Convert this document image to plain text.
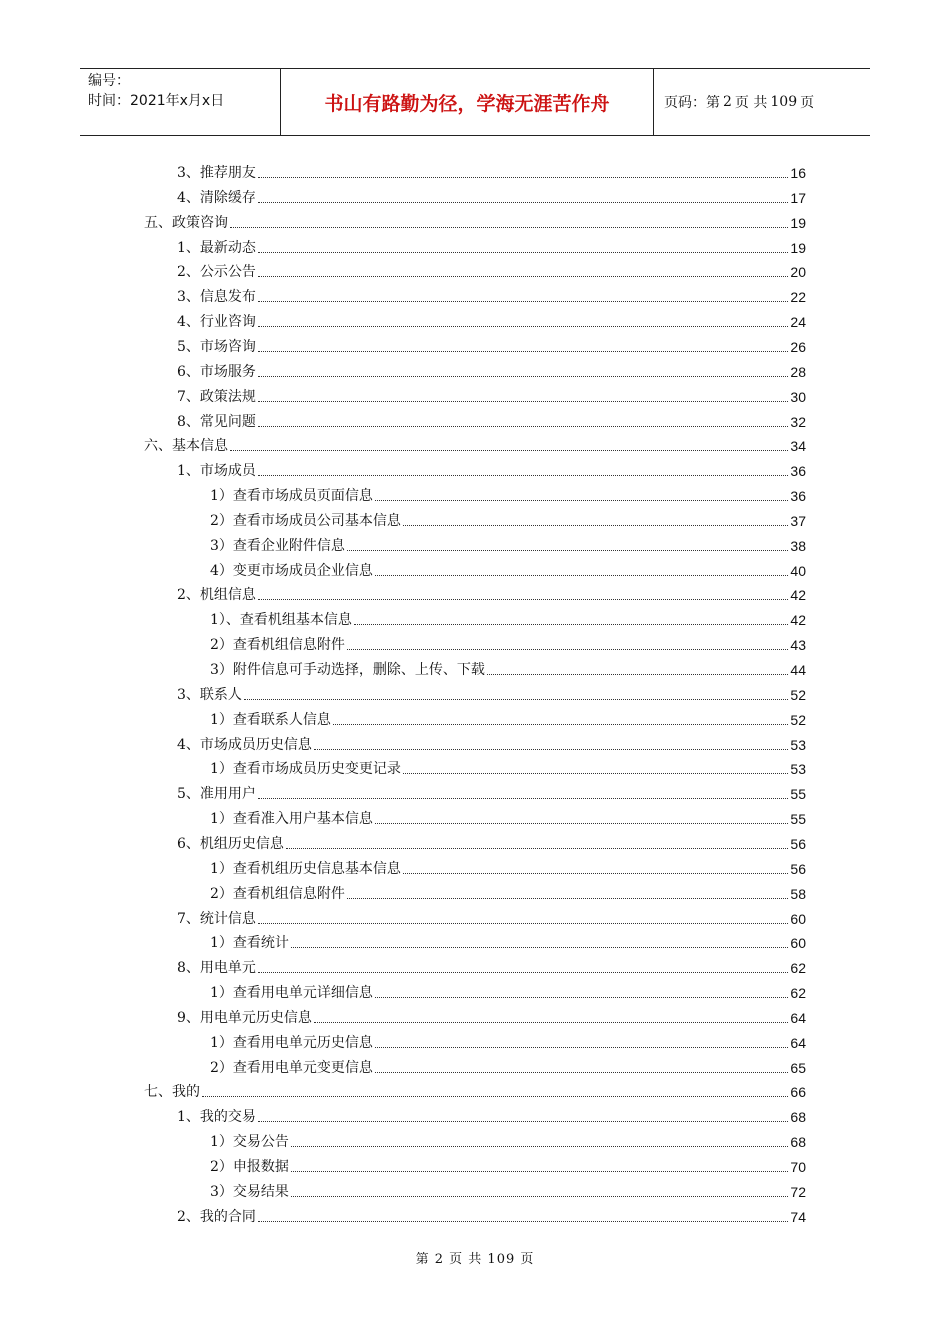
编号：
时间：2021年x月x日	书山有路勤为径，学海无涯苦作舟	页码：第 2 页 共 109 页
3、推荐朋友	16
4、清除缓存	17
五、政策咨询	19
1、最新动态	19
2、公示公告	20
3、信息发布	22
4、行业咨询	24
5、市场咨询	26
6、市场服务	28
7、政策法规	30
8、常见问题	32
六、基本信息	34
1、市场成员	36
1）查看市场成员页面信息	36
2）查看市场成员公司基本信息	37
3）查看企业附件信息	38
4）变更市场成员企业信息	40
2、机组信息	42
1）、查看机组基本信息	42
2）查看机组信息附件	43
3）附件信息可手动选择，删除、上传、下载	44
3、联系人	52
1）查看联系人信息	52
4、市场成员历史信息	53
1）查看市场成员历史变更记录	53
5、准用用户	55
1）查看准入用户基本信息	55
6、机组历史信息	56
1）查看机组历史信息基本信息	56
2）查看机组信息附件	58
7、统计信息	60
1）查看统计	60
8、用电单元	62
1）查看用电单元详细信息	62
9、用电单元历史信息	64
1）查看用电单元历史信息	64
2）查看用电单元变更信息	65
七、我的	66
1、我的交易	68
1）交易公告	68
2）申报数据	70
3）交易结果	72
2、我的合同	74
第 2 页 共 109 页
